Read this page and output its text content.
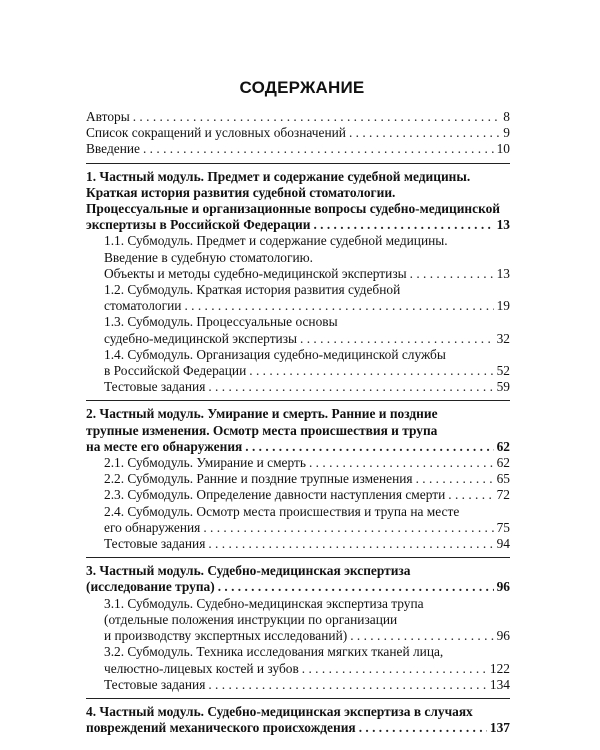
СОДЕРЖАНИЕ
Авторы . . .	8
Список сокращений и условных обозначений . . .	9
Введение . . .	10
1. Частный модуль. Предмет и содержание судебной медицины.
Краткая история развития судебной стоматологии.
Процессуальные и организационные вопросы судебно-медицинской
экспертизы в Российской Федерации . . .	13
1.1. Субмодуль. Предмет и содержание судебной медицины.
Введение в судебную стоматологию.
Объекты и методы судебно-медицинской экспертизы . . .	13
1.2. Субмодуль. Краткая история развития судебной
стоматологии . . .	19
1.3. Субмодуль. Процессуальные основы
судебно-медицинской экспертизы . . .	32
1.4. Субмодуль. Организация судебно-медицинской службы
в Российской Федерации . . .	52
Тестовые задания . . .	59
2. Частный модуль. Умирание и смерть. Ранние и поздние
трупные изменения. Осмотр места происшествия и трупа
на месте его обнаружения . . .	62
2.1. Субмодуль. Умирание и смерть . . .	62
2.2. Субмодуль. Ранние и поздние трупные изменения . . .	65
2.3. Субмодуль. Определение давности наступления смерти . . .	72
2.4. Субмодуль. Осмотр места происшествия и трупа на месте
его обнаружения . . .	75
Тестовые задания . . .	94
3. Частный модуль. Судебно-медицинская экспертиза
(исследование трупа) . . .	96
3.1. Субмодуль. Судебно-медицинская экспертиза трупа
(отдельные положения инструкции по организации
и производству экспертных исследований) . . .	96
3.2. Субмодуль. Техника исследования мягких тканей лица,
челюстно-лицевых костей и зубов . . .	122
Тестовые задания . . .	134
4. Частный модуль. Судебно-медицинская экспертиза в случаях
повреждений механического происхождения . . .	137
